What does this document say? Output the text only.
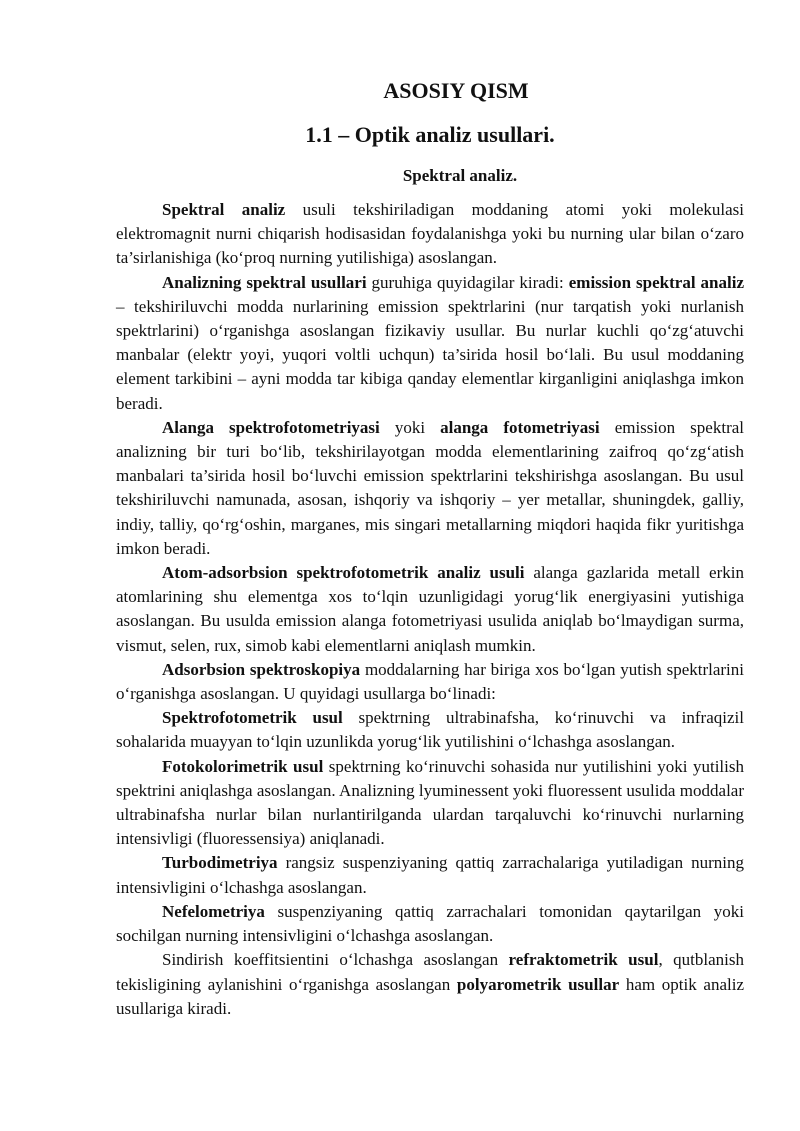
ASOSIY QISM
1.1 – Optik analiz usullari.
Spektral analiz.

Spektral analiz usuli tekshiriladigan moddaning atomi yoki molekulasi elektromagnit nurni chiqarish hodisasidan foydalanishga yoki bu nurning ular bilan o‘zaro ta’sirlanishiga (ko‘proq nurning yutilishiga) asoslangan.

Analizning spektral usullari guruhiga quyidagilar kiradi: emission spektral analiz – tekshiriluvchi modda nurlarining emission spektrlarini (nur tarqatish yoki nurlanish spektrlarini) o‘rganishga asoslangan fizikaviy usullar. Bu nurlar kuchli qo‘zg‘atuvchi manbalar (elektr yoyi, yuqori voltli uchqun) ta’sirida hosil bo‘lali. Bu usul moddaning element tarkibini – ayni modda tar kibiga qanday elementlar kirganligini aniqlashga imkon beradi.

Alanga spektrofotometriyasi yoki alanga fotometriyasi emission spektral analizning bir turi bo‘lib, tekshirilayotgan modda elementlarining zaifroq qo‘zg‘atish manbalari ta’sirida hosil bo‘luvchi emission spektrlarini tekshirishga asoslangan. Bu usul tekshiriluvchi namunada, asosan, ishqoriy va ishqoriy – yer metallar, shuningdek, galliy, indiy, talliy, qo‘rg‘oshin, marganes, mis singari metallarning miqdori haqida fikr yuritishga imkon beradi.

Atom-adsorbsion spektrofotometrik analiz usuli alanga gazlarida metall erkin atomlarining shu elementga xos to‘lqin uzunligidagi yorug‘lik energiyasini yutishiga asoslangan. Bu usulda emission alanga fotometriyasi usulida aniqlab bo‘lmaydigan surma, vismut, selen, rux, simob kabi elementlarni aniqlash mumkin.

Adsorbsion spektroskopiya moddalarning har biriga xos bo‘lgan yutish spektrlarini o‘rganishga asoslangan. U quyidagi usullarga bo‘linadi:

Spektrofotometrik usul spektrning ultrabinafsha, ko‘rinuvchi va infraqizil sohalarida muayyan to‘lqin uzunlikda yorug‘lik yutilishini o‘lchashga asoslangan.

Fotokolorimetrik usul spektrning ko‘rinuvchi sohasida nur yutilishini yoki yutilish spektrini aniqlashga asoslangan. Analizning lyuminessent yoki fluoressent usulida moddalar ultrabinafsha nurlar bilan nurlantirilganda ulardan tarqaluvchi ko‘rinuvchi nurlarning intensivligi (fluoressensiya) aniqlanadi.

Turbodimetriya rangsiz suspenziyaning qattiq zarrachalariga yutiladigan nurning intensivligini o‘lchashga asoslangan.

Nefelometriya suspenziyaning qattiq zarrachalari tomonidan qaytarilgan yoki sochilgan nurning intensivligini o‘lchashga asoslangan.

Sindirish koeffitsientini o‘lchashga asoslangan refraktometrik usul, qutblanish tekisligining aylanishini o‘rganishga asoslangan polyarometrik usullar ham optik analiz usullariga kiradi.
